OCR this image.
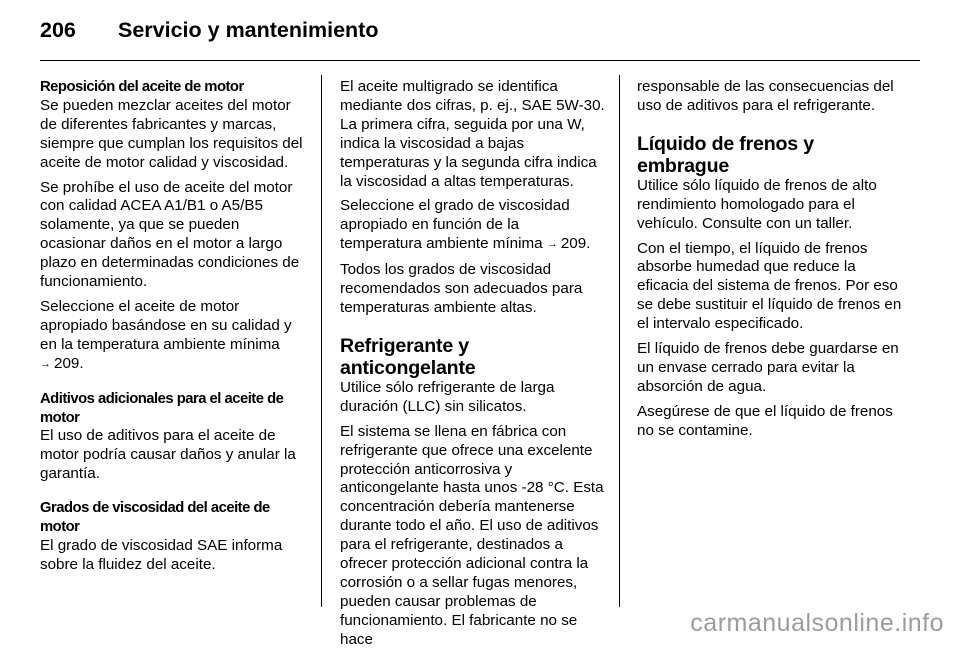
206	Servicio y mantenimiento
Reposición del aceite de motor

Se pueden mezclar aceites del motor de diferentes fabricantes y marcas, siempre que cumplan los requisitos del aceite de motor calidad y viscosidad.

Se prohíbe el uso de aceite del motor con calidad ACEA A1/B1 o A5/B5 solamente, ya que se pueden ocasionar daños en el motor a largo plazo en determinadas condiciones de funcionamiento.

Seleccione el aceite de motor apropiado basándose en su calidad y en la temperatura ambiente mínima
→ 209.

Aditivos adicionales para el aceite de motor

El uso de aditivos para el aceite de motor podría causar daños y anular la garantía.

Grados de viscosidad del aceite de motor

El grado de viscosidad SAE informa sobre la fluidez del aceite.

El aceite multigrado se identifica mediante dos cifras, p. ej., SAE 5W-30. La primera cifra, seguida por una W, indica la viscosidad a bajas temperaturas y la segunda cifra indica la viscosidad a altas temperaturas.

Seleccione el grado de viscosidad apropiado en función de la temperatura ambiente mínima → 209.

Todos los grados de viscosidad recomendados son adecuados para temperaturas ambiente altas.

Refrigerante y anticongelante

Utilice sólo refrigerante de larga duración (LLC) sin silicatos.

El sistema se llena en fábrica con refrigerante que ofrece una excelente protección anticorrosiva y anticongelante hasta unos -28 °C. Esta concentración debería mantenerse durante todo el año. El uso de aditivos para el refrigerante, destinados a ofrecer protección adicional contra la corrosión o a sellar fugas menores, pueden causar problemas de funcionamiento. El fabricante no se hace

responsable de las consecuencias del uso de aditivos para el refrigerante.

Líquido de frenos y embrague

Utilice sólo líquido de frenos de alto rendimiento homologado para el vehículo. Consulte con un taller.

Con el tiempo, el líquido de frenos absorbe humedad que reduce la eficacia del sistema de frenos. Por eso se debe sustituir el líquido de frenos en el intervalo especificado.

El líquido de frenos debe guardarse en un envase cerrado para evitar la absorción de agua.

Asegúrese de que el líquido de frenos no se contamine.

carmanualsonline.info
